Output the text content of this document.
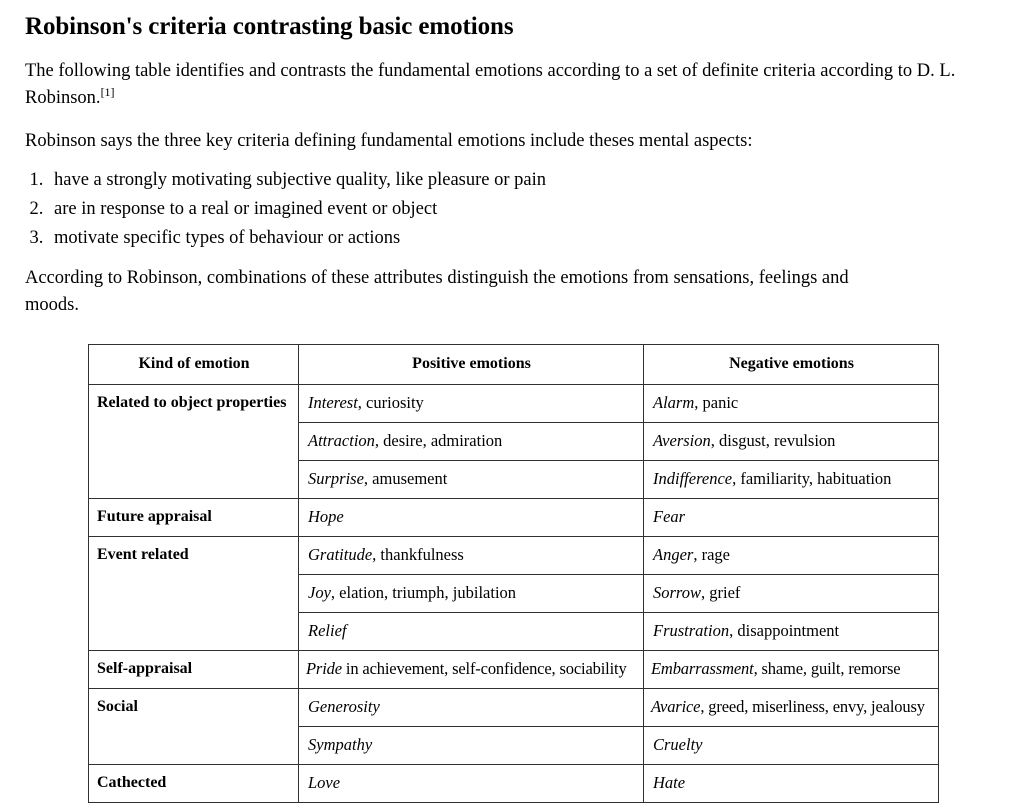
Robinson's criteria contrasting basic emotions

The following table identifies and contrasts the fundamental emotions according to a set of definite criteria according to D. L. Robinson.[1]

Robinson says the three key criteria defining fundamental emotions include theses mental aspects:

1. have a strongly motivating subjective quality, like pleasure or pain
2. are in response to a real or imagined event or object
3. motivate specific types of behaviour or actions

According to Robinson, combinations of these attributes distinguish the emotions from sensations, feelings and
moods.

Kind of emotion	Positive emotions	Negative emotions
Related to object properties	Interest, curiosity	Alarm, panic
	Attraction, desire, admiration	Aversion, disgust, revulsion
	Surprise, amusement	Indifference, familiarity, habituation
Future appraisal	Hope	Fear
Event related	Gratitude, thankfulness	Anger, rage
	Joy, elation, triumph, jubilation	Sorrow, grief
	Relief	Frustration, disappointment
Self-appraisal	Pride in achievement, self-confidence, sociability	Embarrassment, shame, guilt, remorse
Social	Generosity	Avarice, greed, miserliness, envy, jealousy
	Sympathy	Cruelty
Cathected	Love	Hate
